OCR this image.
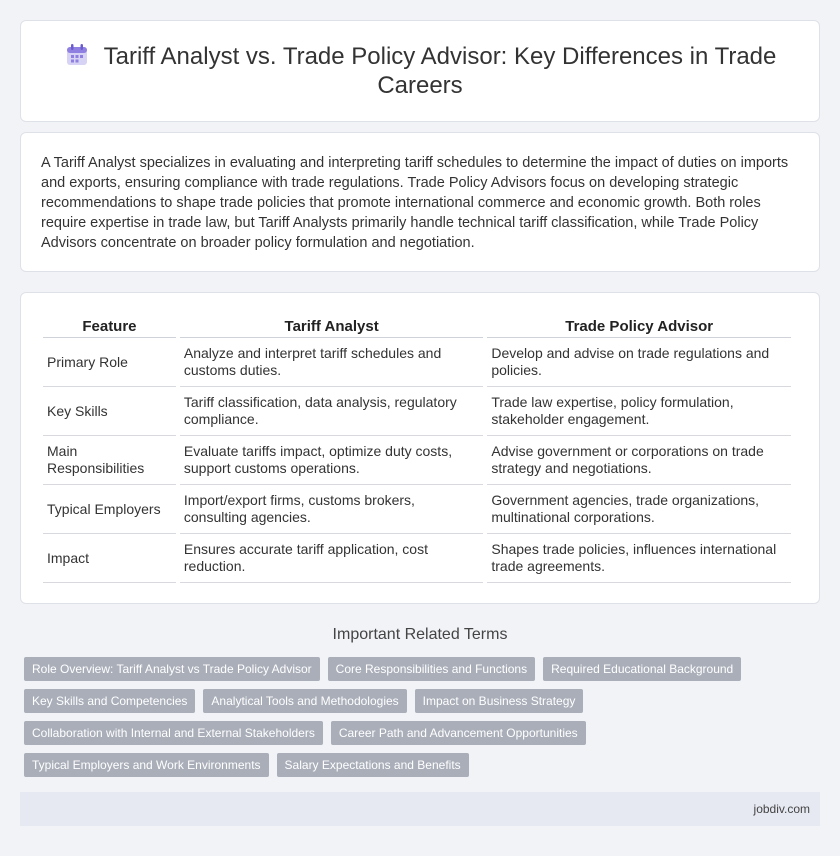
Tariff Analyst vs. Trade Policy Advisor: Key Differences in Trade Careers

A Tariff Analyst specializes in evaluating and interpreting tariff schedules to determine the impact of duties on imports and exports, ensuring compliance with trade regulations. Trade Policy Advisors focus on developing strategic recommendations to shape trade policies that promote international commerce and economic growth. Both roles require expertise in trade law, but Tariff Analysts primarily handle technical tariff classification, while Trade Policy Advisors concentrate on broader policy formulation and negotiation.

Feature	Tariff Analyst	Trade Policy Advisor
Primary Role	Analyze and interpret tariff schedules and customs duties.	Develop and advise on trade regulations and policies.
Key Skills	Tariff classification, data analysis, regulatory compliance.	Trade law expertise, policy formulation, stakeholder engagement.
Main Responsibilities	Evaluate tariffs impact, optimize duty costs, support customs operations.	Advise government or corporations on trade strategy and negotiations.
Typical Employers	Import/export firms, customs brokers, consulting agencies.	Government agencies, trade organizations, multinational corporations.
Impact	Ensures accurate tariff application, cost reduction.	Shapes trade policies, influences international trade agreements.
Important Related Terms
Role Overview: Tariff Analyst vs Trade Policy Advisor	Core Responsibilities and Functions	Required Educational Background
Key Skills and Competencies	Analytical Tools and Methodologies	Impact on Business Strategy
Collaboration with Internal and External Stakeholders	Career Path and Advancement Opportunities
Typical Employers and Work Environments	Salary Expectations and Benefits
jobdiv.com
